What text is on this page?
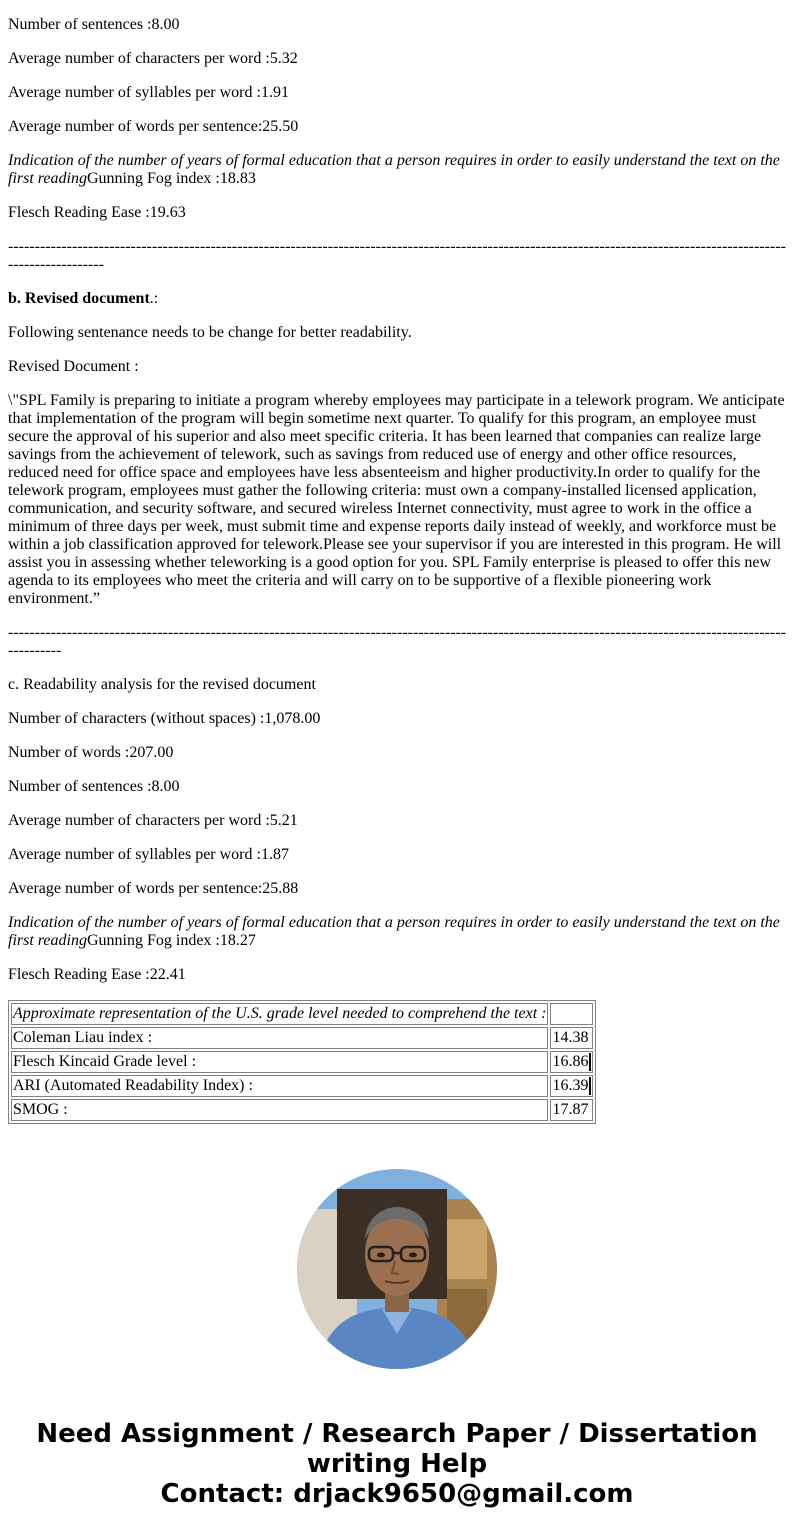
Number of sentences :8.00

Average number of characters per word :5.32

Average number of syllables per word :1.91

Average number of words per sentence:25.50

Indication of the number of years of formal education that a person requires in order to easily understand the text on the first readingGunning Fog index :18.83

Flesch Reading Ease :19.63

--------------------------------------------------------------------------------------------------------------------------------------------------------------------

b. Revised document.:

Following sentenance needs to be change for better readability.

Revised Document :

\"SPL Family is preparing to initiate a program whereby employees may participate in a telework program. We anticipate that implementation of the program will begin sometime next quarter. To qualify for this program, an employee must secure the approval of his superior and also meet specific criteria. It has been learned that companies can realize large savings from the achievement of telework, such as savings from reduced use of energy and other office resources, reduced need for office space and employees have less absenteeism and higher productivity.In order to qualify for the telework program, employees must gather the following criteria: must own a company-installed licensed application, communication, and security software, and secured wireless Internet connectivity, must agree to work in the office a minimum of three days per week, must submit time and expense reports daily instead of weekly, and workforce must be within a job classification approved for telework.Please see your supervisor if you are interested in this program. He will assist you in assessing whether teleworking is a good option for you. SPL Family enterprise is pleased to offer this new agenda to its employees who meet the criteria and will carry on to be supportive of a flexible pioneering work environment.”

------------------------------------------------------------------------------------------------------------------------------------------------------------

c. Readability analysis for the revised document

Number of characters (without spaces) :1,078.00

Number of words :207.00

Number of sentences :8.00

Average number of characters per word :5.21

Average number of syllables per word :1.87

Average number of words per sentence:25.88

Indication of the number of years of formal education that a person requires in order to easily understand the text on the first readingGunning Fog index :18.27

Flesch Reading Ease :22.41

Approximate representation of the U.S. grade level needed to comprehend the text :	
Coleman Liau index :	14.38
Flesch Kincaid Grade level :	16.86
ARI (Automated Readability Index) :	16.39
SMOG :	17.87
Need Assignment / Research Paper / Dissertation
writing Help
Contact: drjack9650@gmail.com
